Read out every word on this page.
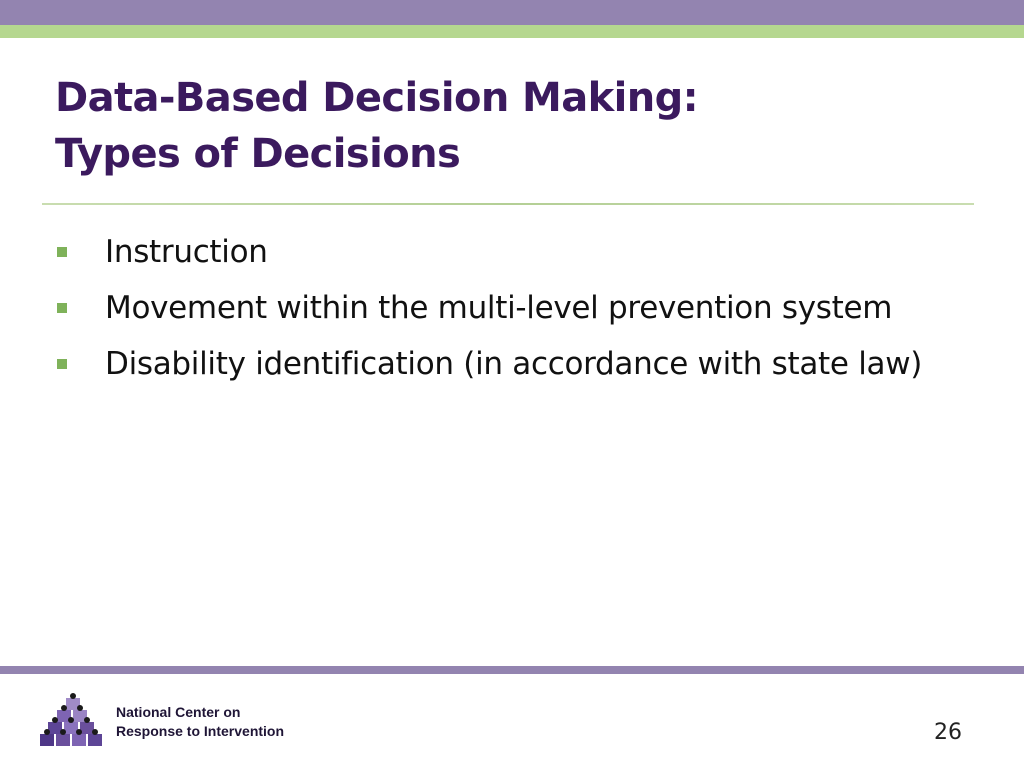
Data-Based Decision Making:
Types of Decisions
Instruction
Movement within the multi-level prevention system
Disability identification (in accordance with state law)
National Center on
Response to Intervention	26
